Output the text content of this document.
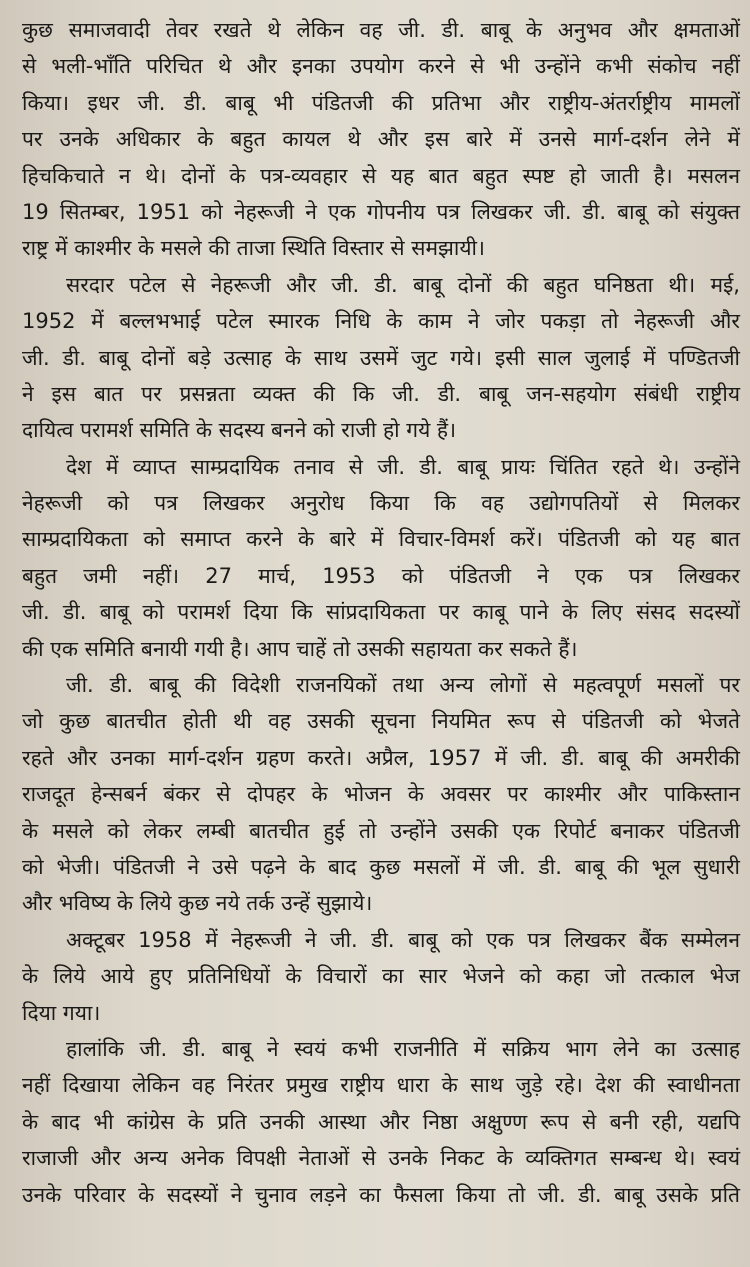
कुछ समाजवादी तेवर रखते थे लेकिन वह जी. डी. बाबू के अनुभव और क्षमताओं
से भली-भाँति परिचित थे और इनका उपयोग करने से भी उन्होंने कभी संकोच नहीं
किया। इधर जी. डी. बाबू भी पंडितजी की प्रतिभा और राष्ट्रीय-अंतर्राष्ट्रीय मामलों
पर उनके अधिकार के बहुत कायल थे और इस बारे में उनसे मार्ग-दर्शन लेने में
हिचकिचाते न थे। दोनों के पत्र-व्यवहार से यह बात बहुत स्पष्ट हो जाती है। मसलन
19 सितम्बर, 1951 को नेहरूजी ने एक गोपनीय पत्र लिखकर जी. डी. बाबू को संयुक्त
राष्ट्र में काश्मीर के मसले की ताजा स्थिति विस्तार से समझायी।
सरदार पटेल से नेहरूजी और जी. डी. बाबू दोनों की बहुत घनिष्ठता थी। मई,
1952 में बल्लभभाई पटेल स्मारक निधि के काम ने जोर पकड़ा तो नेहरूजी और
जी. डी. बाबू दोनों बड़े उत्साह के साथ उसमें जुट गये। इसी साल जुलाई में पण्डितजी
ने इस बात पर प्रसन्नता व्यक्त की कि जी. डी. बाबू जन-सहयोग संबंधी राष्ट्रीय
दायित्व परामर्श समिति के सदस्य बनने को राजी हो गये हैं।
देश में व्याप्त साम्प्रदायिक तनाव से जी. डी. बाबू प्रायः चिंतित रहते थे। उन्होंने
नेहरूजी को पत्र लिखकर अनुरोध किया कि वह उद्योगपतियों से मिलकर
साम्प्रदायिकता को समाप्त करने के बारे में विचार-विमर्श करें। पंडितजी को यह बात
बहुत जमी नहीं। 27 मार्च, 1953 को पंडितजी ने एक पत्र लिखकर
जी. डी. बाबू को परामर्श दिया कि सांप्रदायिकता पर काबू पाने के लिए संसद सदस्यों
की एक समिति बनायी गयी है। आप चाहें तो उसकी सहायता कर सकते हैं।
जी. डी. बाबू की विदेशी राजनयिकों तथा अन्य लोगों से महत्वपूर्ण मसलों पर
जो कुछ बातचीत होती थी वह उसकी सूचना नियमित रूप से पंडितजी को भेजते
रहते और उनका मार्ग-दर्शन ग्रहण करते। अप्रैल, 1957 में जी. डी. बाबू की अमरीकी
राजदूत हेन्सबर्न बंकर से दोपहर के भोजन के अवसर पर काश्मीर और पाकिस्तान
के मसले को लेकर लम्बी बातचीत हुई तो उन्होंने उसकी एक रिपोर्ट बनाकर पंडितजी
को भेजी। पंडितजी ने उसे पढ़ने के बाद कुछ मसलों में जी. डी. बाबू की भूल सुधारी
और भविष्य के लिये कुछ नये तर्क उन्हें सुझाये।
अक्टूबर 1958 में नेहरूजी ने जी. डी. बाबू को एक पत्र लिखकर बैंक सम्मेलन
के लिये आये हुए प्रतिनिधियों के विचारों का सार भेजने को कहा जो तत्काल भेज
दिया गया।
हालांकि जी. डी. बाबू ने स्वयं कभी राजनीति में सक्रिय भाग लेने का उत्साह
नहीं दिखाया लेकिन वह निरंतर प्रमुख राष्ट्रीय धारा के साथ जुड़े रहे। देश की स्वाधीनता
के बाद भी कांग्रेस के प्रति उनकी आस्था और निष्ठा अक्षुण्ण रूप से बनी रही, यद्यपि
राजाजी और अन्य अनेक विपक्षी नेताओं से उनके निकट के व्यक्तिगत सम्बन्ध थे। स्वयं
उनके परिवार के सदस्यों ने चुनाव लड़ने का फैसला किया तो जी. डी. बाबू उसके प्रति
